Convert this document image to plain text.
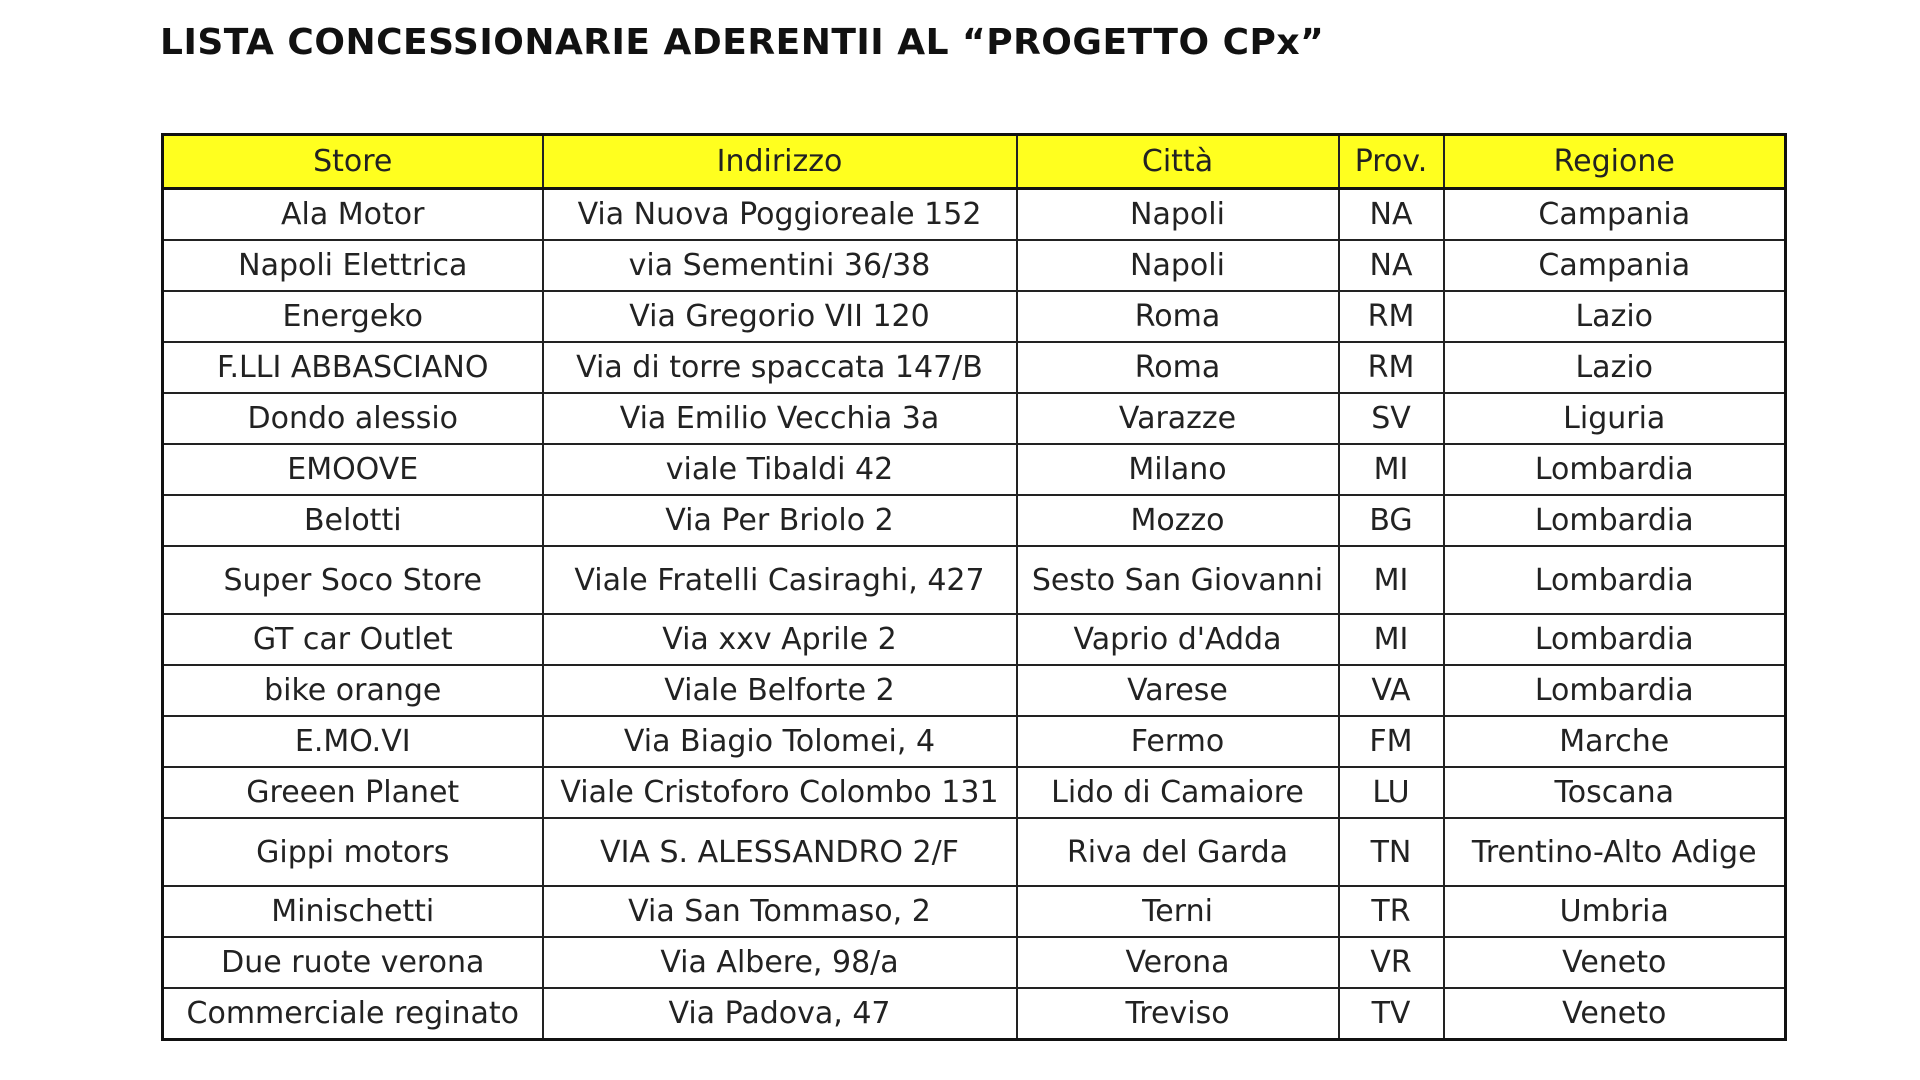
LISTA CONCESSIONARIE ADERENTII AL “PROGETTO CPx”
Store	Indirizzo	Città	Prov.	Regione
Ala Motor	Via Nuova Poggioreale 152	Napoli	NA	Campania
Napoli Elettrica	via Sementini 36/38	Napoli	NA	Campania
Energeko	Via Gregorio VII 120	Roma	RM	Lazio
F.LLI ABBASCIANO	Via di torre spaccata 147/B	Roma	RM	Lazio
Dondo alessio	Via Emilio Vecchia 3a	Varazze	SV	Liguria
EMOOVE	viale Tibaldi 42	Milano	MI	Lombardia
Belotti	Via Per Briolo 2	Mozzo	BG	Lombardia
Super Soco Store	Viale Fratelli Casiraghi, 427	Sesto San Giovanni	MI	Lombardia
GT car Outlet	Via xxv Aprile 2	Vaprio d'Adda	MI	Lombardia
bike orange	Viale Belforte 2	Varese	VA	Lombardia
E.MO.VI	Via Biagio Tolomei, 4	Fermo	FM	Marche
Greeen Planet	Viale Cristoforo Colombo 131	Lido di Camaiore	LU	Toscana
Gippi motors	VIA S. ALESSANDRO 2/F	Riva del Garda	TN	Trentino-Alto Adige
Minischetti	Via San Tommaso, 2	Terni	TR	Umbria
Due ruote verona	Via Albere, 98/a	Verona	VR	Veneto
Commerciale reginato	Via Padova, 47	Treviso	TV	Veneto
